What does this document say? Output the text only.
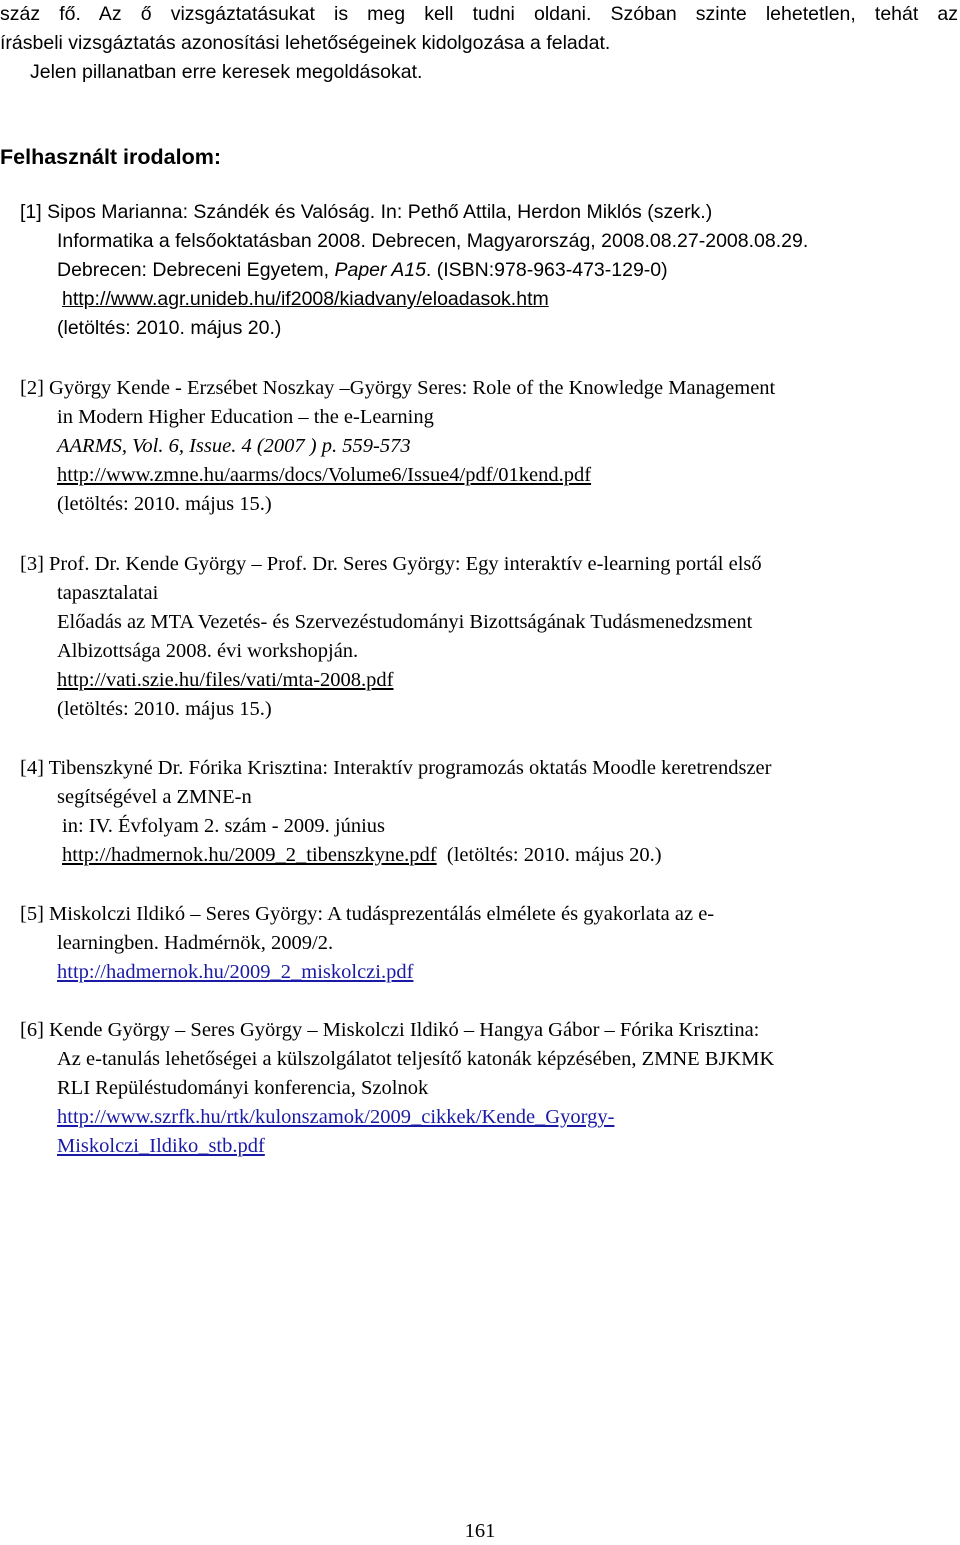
száz fő. Az ő vizsgáztatásukat is meg kell tudni oldani. Szóban szinte lehetetlen, tehát az

írásbeli vizsgáztatás azonosítási lehetőségeinek kidolgozása a feladat.

Jelen pillanatban erre keresek megoldásokat.

Felhasznált irodalom:

[1] Sipos Marianna: Szándék és Valóság. In: Pethő Attila, Herdon Miklós (szerk.)

Informatika a felsőoktatásban 2008. Debrecen, Magyarország, 2008.08.27-2008.08.29.

Debrecen: Debreceni Egyetem, Paper A15. (ISBN:978-963-473-129-0)

http://www.agr.unideb.hu/if2008/kiadvany/eloadasok.htm

(letöltés: 2010. május 20.)

[2] György Kende - Erzsébet Noszkay –György Seres: Role of the Knowledge Management

in Modern Higher Education – the e-Learning

AARMS, Vol. 6, Issue. 4 (2007 ) p. 559-573

http://www.zmne.hu/aarms/docs/Volume6/Issue4/pdf/01kend.pdf

(letöltés: 2010. május 15.)

[3] Prof. Dr. Kende György – Prof. Dr. Seres György: Egy interaktív e-learning portál első

tapasztalatai

Előadás az MTA Vezetés- és Szervezéstudományi Bizottságának Tudásmenedzsment

Albizottsága 2008. évi workshopján.

http://vati.szie.hu/files/vati/mta-2008.pdf

(letöltés: 2010. május 15.)

[4] Tibenszkyné Dr. Fórika Krisztina: Interaktív programozás oktatás Moodle keretrendszer

segítségével a ZMNE-n

in: IV. Évfolyam 2. szám - 2009. június

http://hadmernok.hu/2009_2_tibenszkyne.pdf (letöltés: 2010. május 20.)

[5] Miskolczi Ildikó – Seres György: A tudásprezentálás elmélete és gyakorlata az e-

learningben. Hadmérnök, 2009/2.

http://hadmernok.hu/2009_2_miskolczi.pdf

[6] Kende György – Seres György – Miskolczi Ildikó – Hangya Gábor – Fórika Krisztina:

Az e-tanulás lehetőségei a külszolgálatot teljesítő katonák képzésében, ZMNE BJKMK

RLI Repüléstudományi konferencia, Szolnok

http://www.szrfk.hu/rtk/kulonszamok/2009_cikkek/Kende_Gyorgy-

Miskolczi_Ildiko_stb.pdf

161
